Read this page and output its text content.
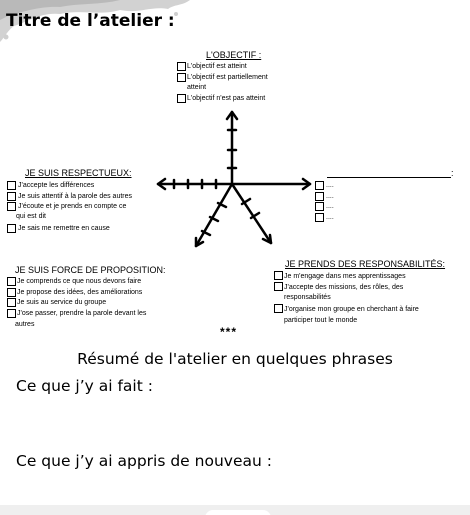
Titre de l’atelier :
L'OBJECTIF :
L'objectif est atteint
L'objectif est partiellement
atteint
L'objectif n'est pas atteint
JE SUIS RESPECTUEUX:
J'accepte les différences
Je suis attentif à la parole des autres
J'écoute et je prends en compte ce
qui est dit
Je sais me remettre en cause
:
....
....
....
....
JE SUIS FORCE DE PROPOSITION:
Je comprends ce que nous devons faire
Je propose des idées, des améliorations
Je suis au service du groupe
J'ose passer, prendre la parole devant les
autres
JE PRENDS DES RESPONSABILITÉS:
Je m'engage dans mes apprentissages
J'accepte des missions, des rôles, des
responsabilités
J'organise mon groupe en cherchant à faire
participer tout le monde
***
Résumé de l'atelier en quelques phrases
Ce que j’y ai fait :
Ce que j’y ai appris de nouveau :
